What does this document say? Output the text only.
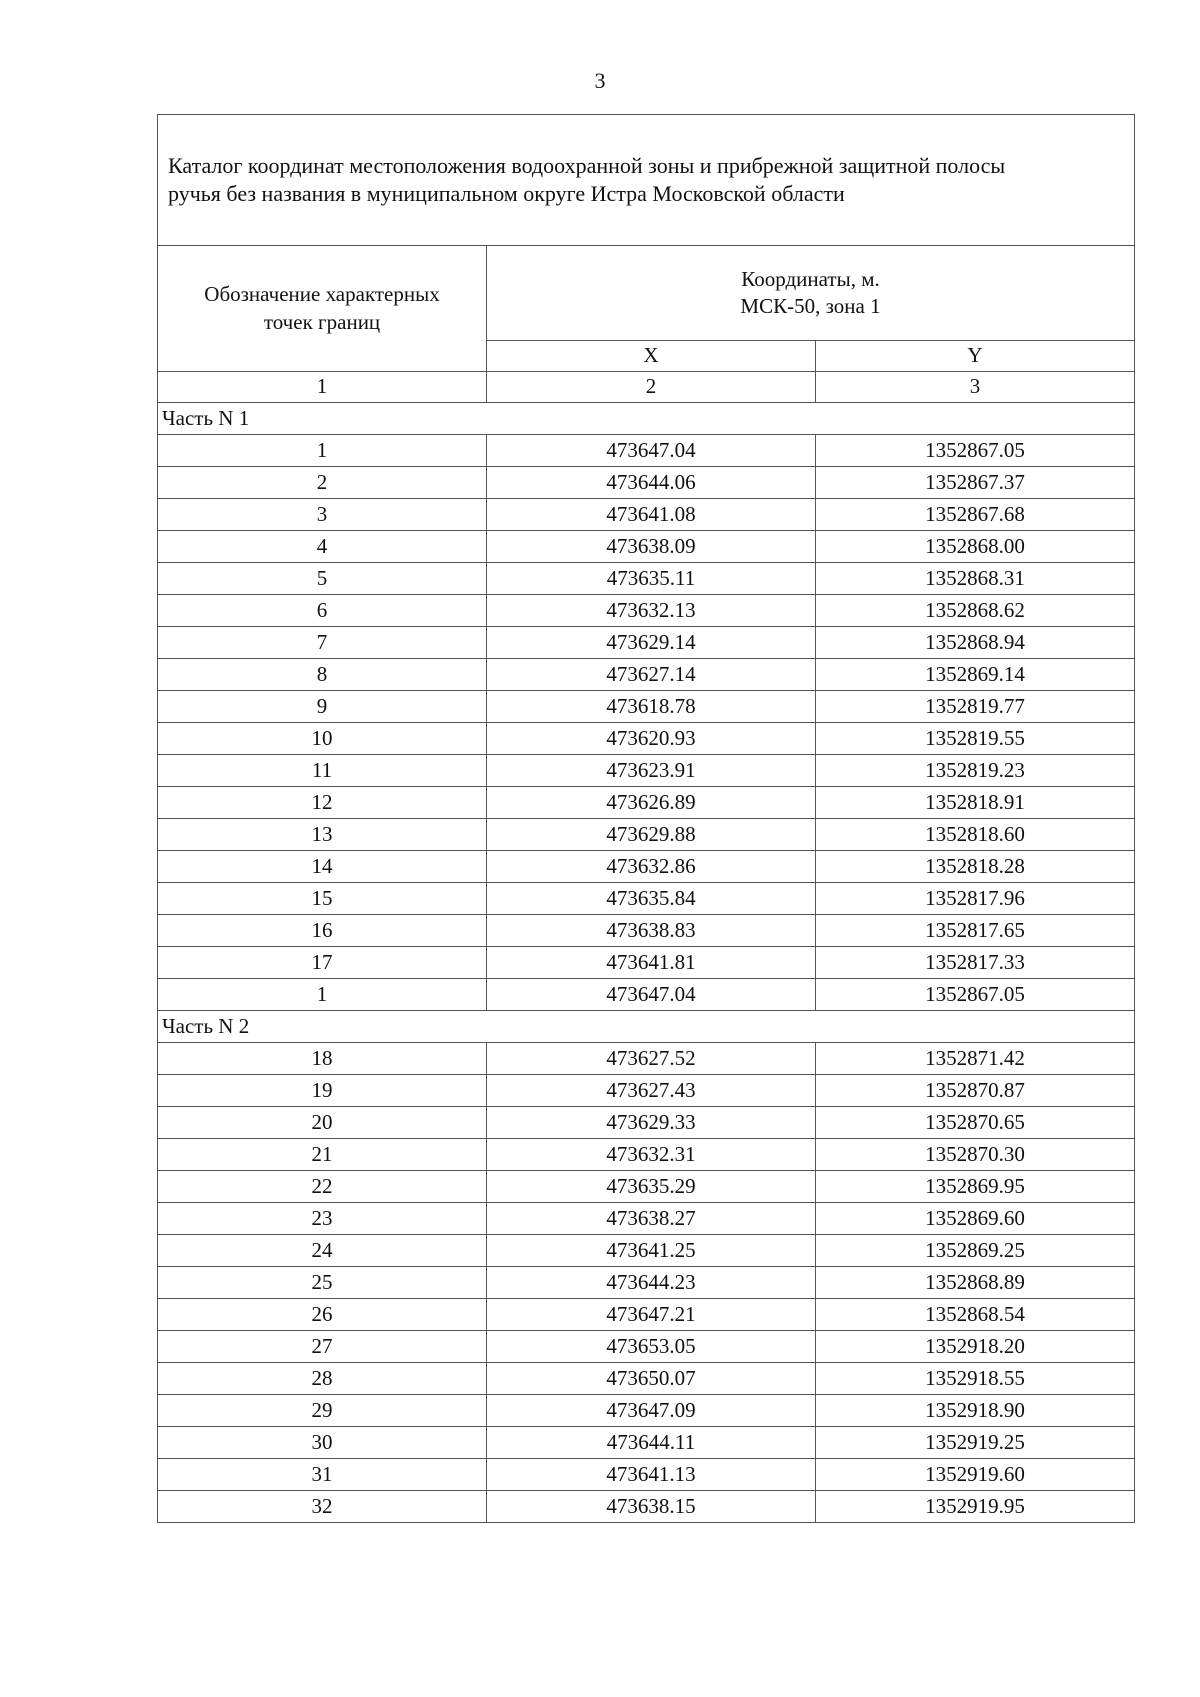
3
Каталог координат местоположения водоохранной зоны и прибрежной защитной полосы
ручья без названия в муниципальном округе Истра Московской области		
Обозначение характерных
точек границ	Координаты, м.
МСК-50, зона 1	
	X	Y
1	2	3
Часть N 1		
1	473647.04	1352867.05
2	473644.06	1352867.37
3	473641.08	1352867.68
4	473638.09	1352868.00
5	473635.11	1352868.31
6	473632.13	1352868.62
7	473629.14	1352868.94
8	473627.14	1352869.14
9	473618.78	1352819.77
10	473620.93	1352819.55
11	473623.91	1352819.23
12	473626.89	1352818.91
13	473629.88	1352818.60
14	473632.86	1352818.28
15	473635.84	1352817.96
16	473638.83	1352817.65
17	473641.81	1352817.33
1	473647.04	1352867.05
Часть N 2		
18	473627.52	1352871.42
19	473627.43	1352870.87
20	473629.33	1352870.65
21	473632.31	1352870.30
22	473635.29	1352869.95
23	473638.27	1352869.60
24	473641.25	1352869.25
25	473644.23	1352868.89
26	473647.21	1352868.54
27	473653.05	1352918.20
28	473650.07	1352918.55
29	473647.09	1352918.90
30	473644.11	1352919.25
31	473641.13	1352919.60
32	473638.15	1352919.95
